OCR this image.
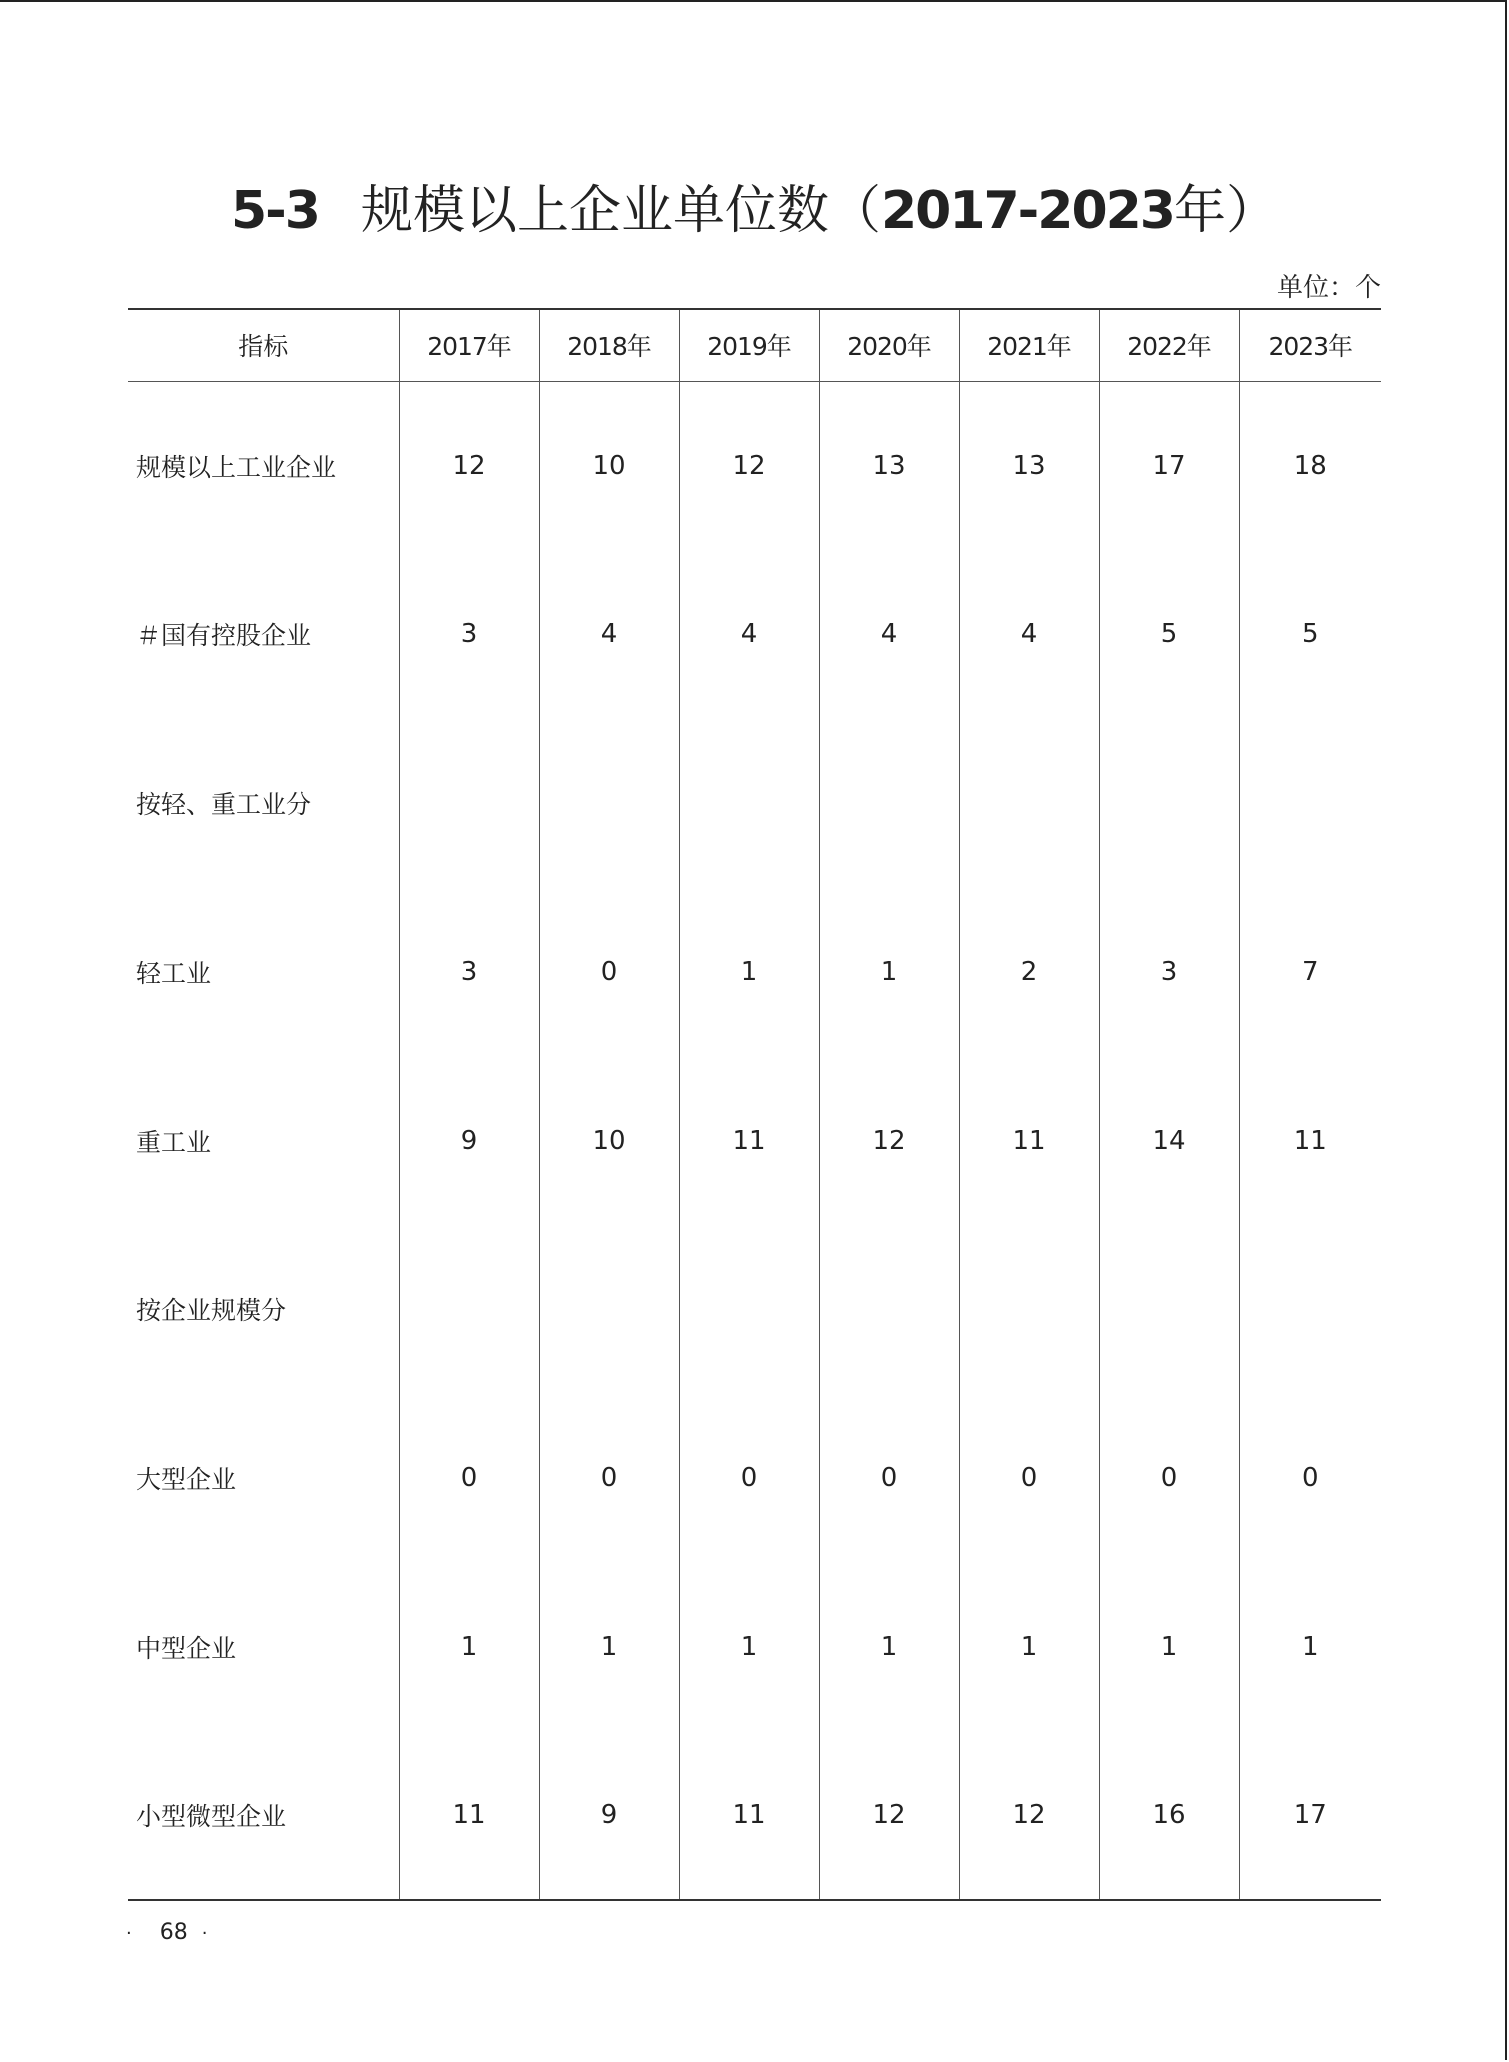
5-3 规模以上企业单位数（2017-2023年）
单位：个
指标	2017年	2018年	2019年	2020年	2021年	2022年	2023年
规模以上工业企业	12	10	12	13	13	17	18
＃国有控股企业	3	4	4	4	4	5	5
按轻、重工业分							
轻工业	3	0	1	1	2	3	7
重工业	9	10	11	12	11	14	11
按企业规模分							
大型企业	0	0	0	0	0	0	0
中型企业	1	1	1	1	1	1	1
小型微型企业	11	9	11	12	12	16	17
· 68 ·
